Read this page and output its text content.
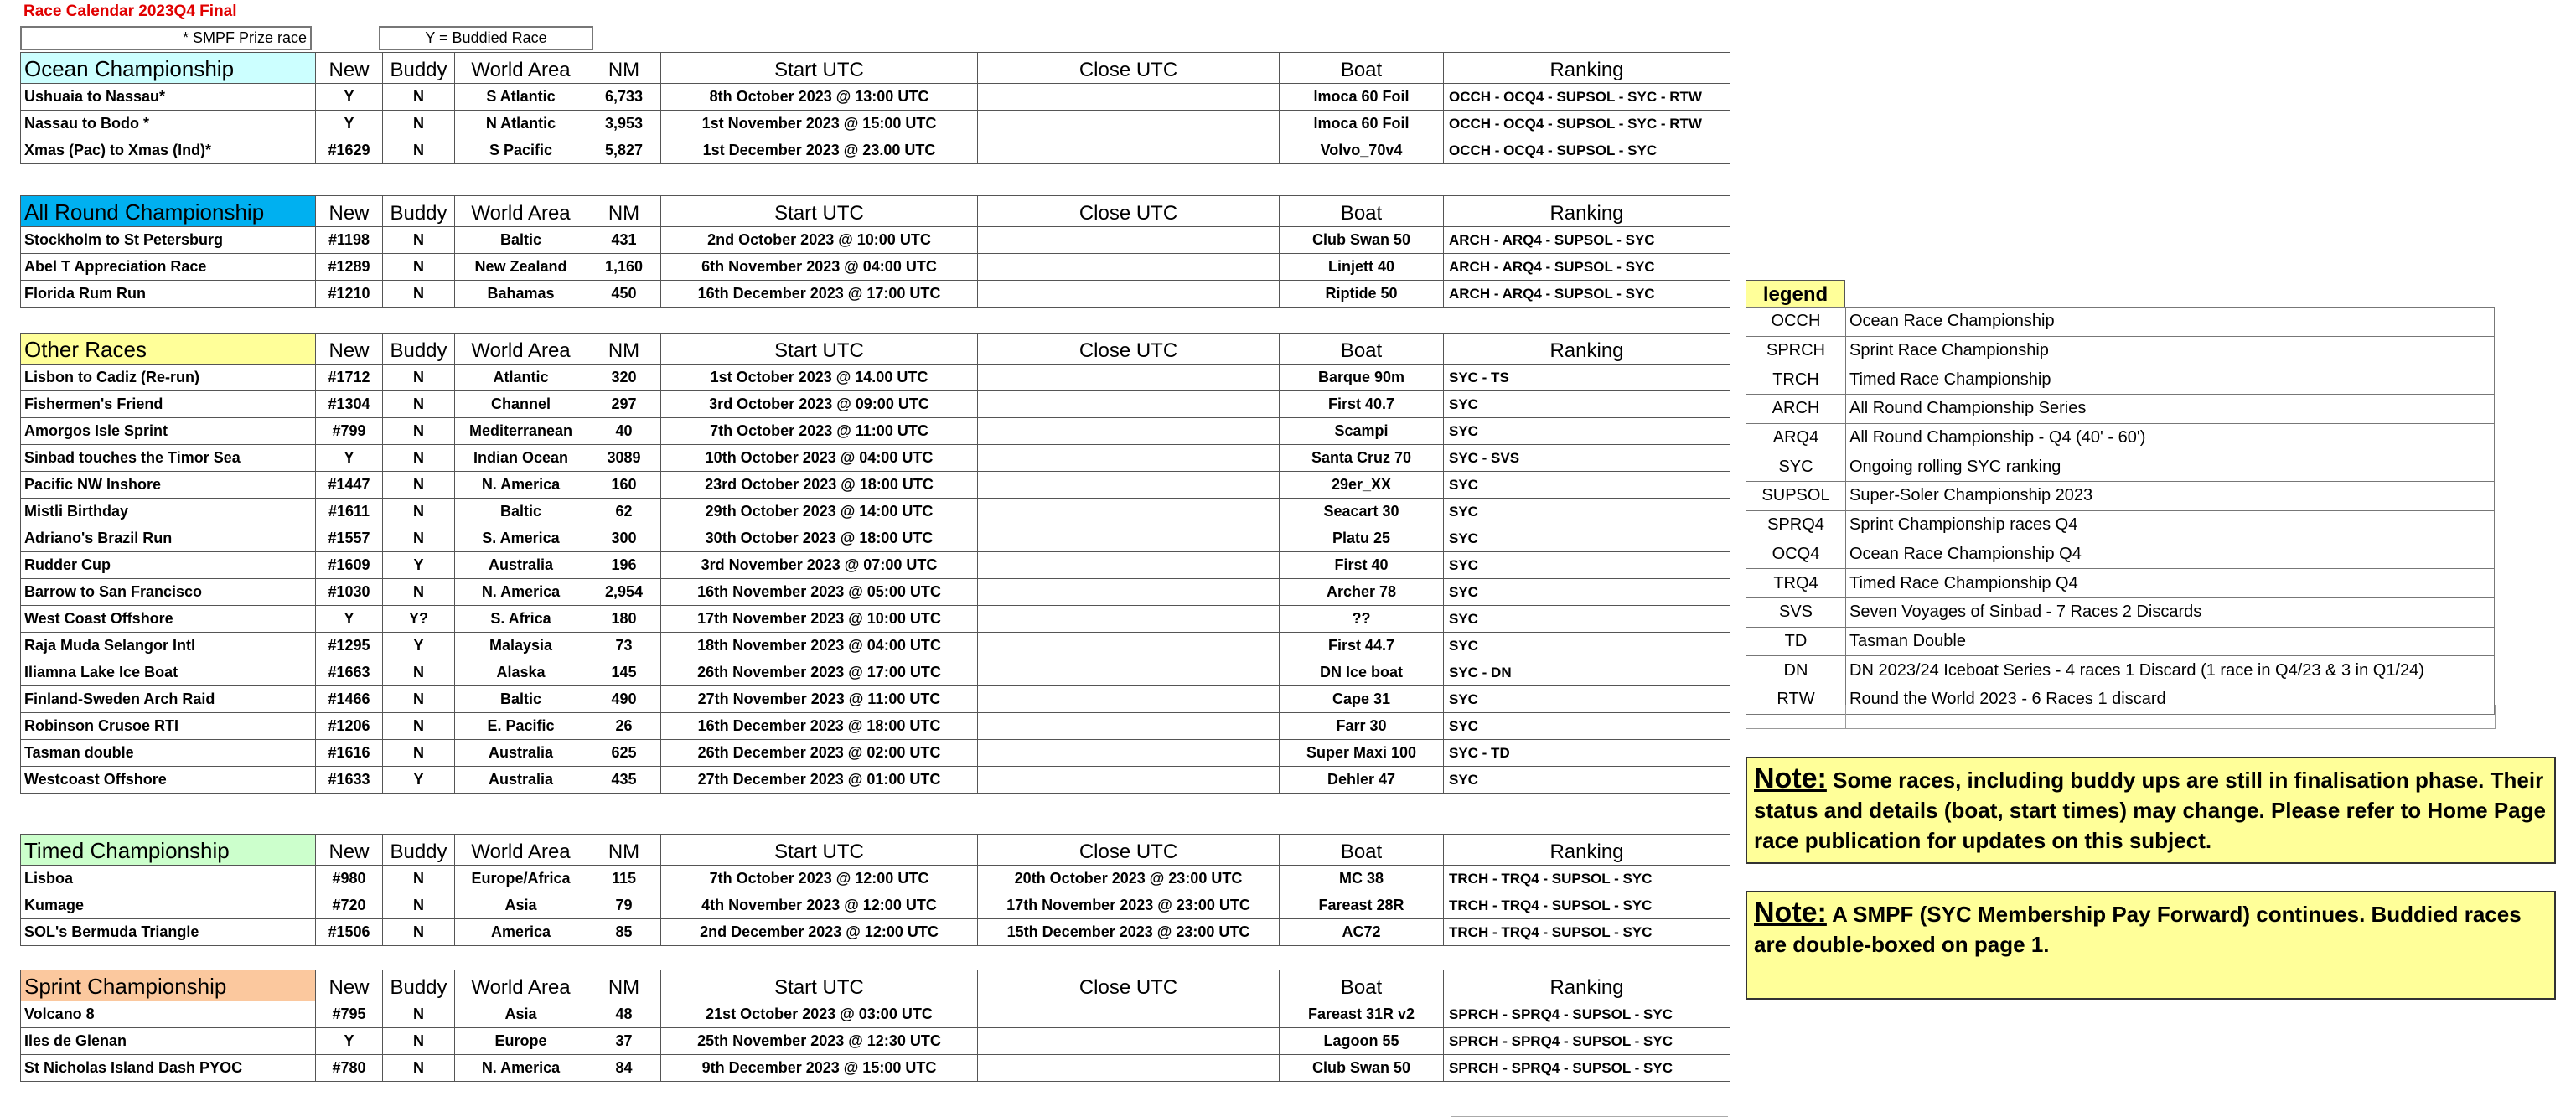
Race Calendar 2023Q4 Final
* SMPF Prize race	Y = Buddied Race
Ocean Championship	New	Buddy	World Area	NM	Start UTC	Close UTC	Boat	Ranking
Ushuaia to Nassau*	Y	N	S Atlantic	6,733	8th October 2023 @ 13:00 UTC		Imoca 60 Foil	OCCH - OCQ4 - SUPSOL - SYC - RTW
Nassau to Bodo *	Y	N	N Atlantic	3,953	1st November 2023 @ 15:00 UTC		Imoca 60 Foil	OCCH - OCQ4 - SUPSOL - SYC - RTW
Xmas (Pac) to Xmas (Ind)*	#1629	N	S Pacific	5,827	1st December 2023 @ 23.00 UTC		Volvo_70v4	OCCH - OCQ4 - SUPSOL - SYC
All Round Championship	New	Buddy	World Area	NM	Start UTC	Close UTC	Boat	Ranking
Stockholm to St Petersburg	#1198	N	Baltic	431	2nd October 2023 @ 10:00 UTC		Club Swan 50	ARCH - ARQ4 - SUPSOL - SYC
Abel T Appreciation Race	#1289	N	New Zealand	1,160	6th November 2023 @ 04:00 UTC		Linjett 40	ARCH - ARQ4 - SUPSOL - SYC
Florida Rum Run	#1210	N	Bahamas	450	16th December 2023 @ 17:00 UTC		Riptide 50	ARCH - ARQ4 - SUPSOL - SYC
Other Races	New	Buddy	World Area	NM	Start UTC	Close UTC	Boat	Ranking
Lisbon to Cadiz (Re-run)	#1712	N	Atlantic	320	1st October 2023 @ 14.00 UTC		Barque 90m	SYC - TS
Fishermen's Friend	#1304	N	Channel	297	3rd October 2023 @ 09:00 UTC		First 40.7	SYC
Amorgos Isle Sprint	#799	N	Mediterranean	40	7th October 2023 @ 11:00 UTC		Scampi	SYC
Sinbad touches the Timor Sea	Y	N	Indian Ocean	3089	10th October 2023 @ 04:00 UTC		Santa Cruz 70	SYC - SVS
Pacific NW Inshore	#1447	N	N. America	160	23rd October 2023 @ 18:00 UTC		29er_XX	SYC
Mistli Birthday	#1611	N	Baltic	62	29th October 2023 @ 14:00 UTC		Seacart 30	SYC
Adriano's Brazil Run	#1557	N	S. America	300	30th October 2023 @ 18:00 UTC		Platu 25	SYC
Rudder Cup	#1609	Y	Australia	196	3rd November 2023 @ 07:00 UTC		First 40	SYC
Barrow to San Francisco	#1030	N	N. America	2,954	16th November 2023 @ 05:00 UTC		Archer 78	SYC
West Coast Offshore	Y	Y?	S. Africa	180	17th November 2023 @ 10:00 UTC		??	SYC
Raja Muda Selangor Intl	#1295	Y	Malaysia	73	18th November 2023 @ 04:00 UTC		First 44.7	SYC
Iliamna Lake Ice Boat	#1663	N	Alaska	145	26th November 2023 @ 17:00 UTC		DN Ice boat	SYC - DN
Finland-Sweden Arch Raid	#1466	N	Baltic	490	27th November 2023 @ 11:00 UTC		Cape 31	SYC
Robinson Crusoe RTI	#1206	N	E. Pacific	26	16th December 2023 @ 18:00 UTC		Farr 30	SYC
Tasman double	#1616	N	Australia	625	26th December 2023 @ 02:00 UTC		Super Maxi 100	SYC - TD
Westcoast Offshore	#1633	Y	Australia	435	27th December 2023 @ 01:00 UTC		Dehler 47	SYC
Timed Championship	New	Buddy	World Area	NM	Start UTC	Close UTC	Boat	Ranking
Lisboa	#980	N	Europe/Africa	115	7th October 2023 @ 12:00 UTC	20th October 2023 @ 23:00 UTC	MC 38	TRCH - TRQ4 - SUPSOL - SYC
Kumage	#720	N	Asia	79	4th November 2023 @ 12:00 UTC	17th November 2023 @ 23:00 UTC	Fareast 28R	TRCH - TRQ4 - SUPSOL - SYC
SOL's Bermuda Triangle	#1506	N	America	85	2nd December 2023 @ 12:00 UTC	15th December 2023 @ 23:00 UTC	AC72	TRCH - TRQ4 - SUPSOL - SYC
Sprint Championship	New	Buddy	World Area	NM	Start UTC	Close UTC	Boat	Ranking
Volcano 8	#795	N	Asia	48	21st October 2023 @ 03:00 UTC		Fareast 31R v2	SPRCH - SPRQ4 - SUPSOL - SYC
Iles de Glenan	Y	N	Europe	37	25th November 2023 @ 12:30 UTC		Lagoon 55	SPRCH - SPRQ4 - SUPSOL - SYC
St Nicholas Island Dash PYOC	#780	N	N. America	84	9th December 2023 @ 15:00 UTC		Club Swan 50	SPRCH - SPRQ4 - SUPSOL - SYC
legend
OCCH	Ocean Race Championship
SPRCH	Sprint Race Championship
TRCH	Timed Race Championship
ARCH	All Round Championship Series
ARQ4	All Round Championship - Q4 (40' - 60')
SYC	Ongoing rolling SYC ranking
SUPSOL	Super-Soler Championship 2023
SPRQ4	Sprint Championship races Q4
OCQ4	Ocean Race Championship Q4
TRQ4	Timed Race Championship Q4
SVS	Seven Voyages of Sinbad - 7 Races 2 Discards
TD	Tasman Double
DN	DN 2023/24 Iceboat Series - 4 races 1 Discard (1 race in Q4/23 & 3 in Q1/24)
RTW	Round the World 2023 - 6 Races 1 discard
Note: Some races, including buddy ups are still in finalisation phase. Their status and details (boat, start times) may change. Please refer to Home Page race publication for updates on this subject.
Note: A SMPF (SYC Membership Pay Forward) continues. Buddied races are double-boxed on page 1.
